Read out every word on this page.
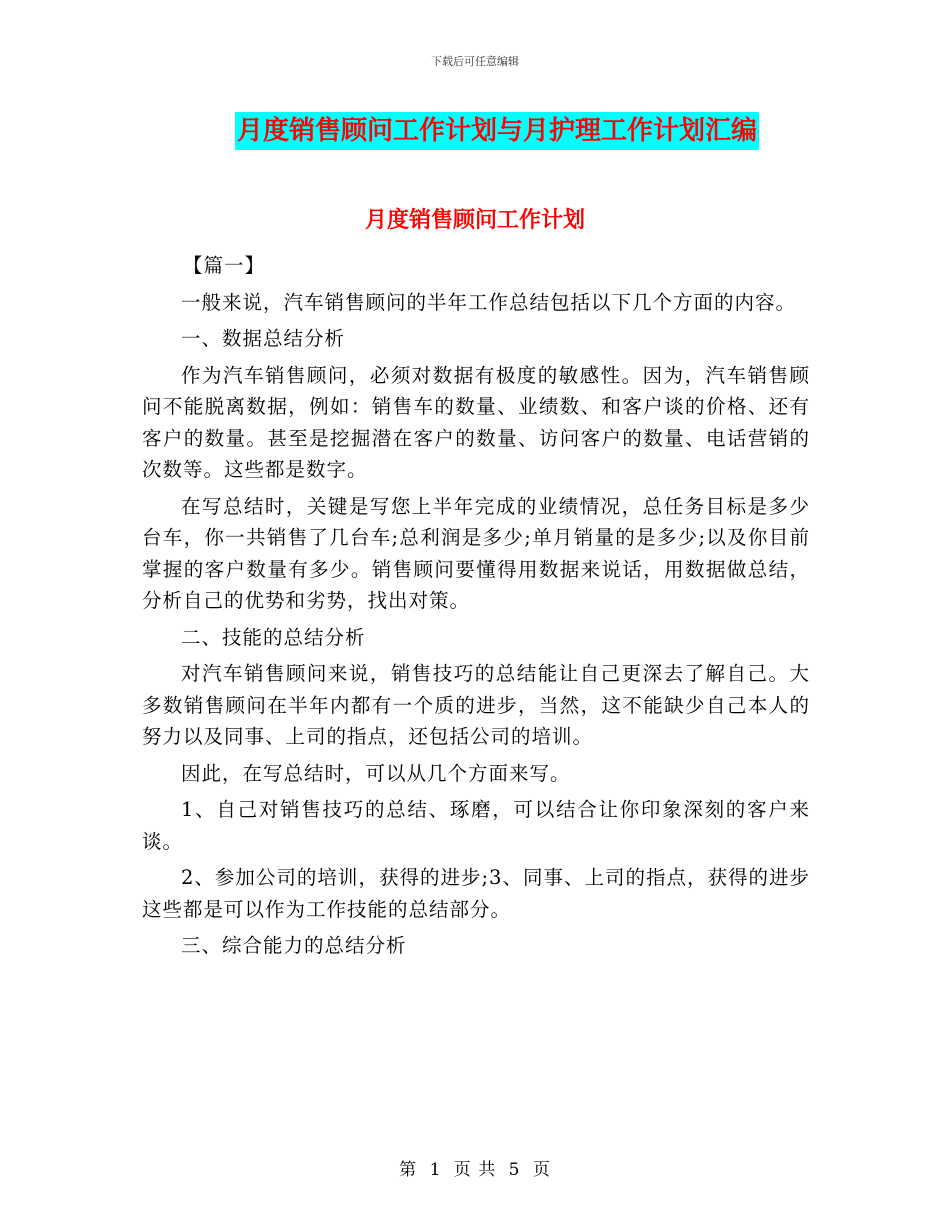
下载后可任意编辑
月度销售顾问工作计划与月护理工作计划汇编
月度销售顾问工作计划

【篇一】

一般来说，汽车销售顾问的半年工作总结包括以下几个方面的内容。

一、数据总结分析

作为汽车销售顾问，必须对数据有极度的敏感性。因为，汽车销售顾问不能脱离数据，例如：销售车的数量、业绩数、和客户谈的价格、还有客户的数量。甚至是挖掘潜在客户的数量、访问客户的数量、电话营销的次数等。这些都是数字。

在写总结时，关键是写您上半年完成的业绩情况，总任务目标是多少台车，你一共销售了几台车;总利润是多少;单月销量的是多少;以及你目前掌握的客户数量有多少。销售顾问要懂得用数据来说话，用数据做总结，分析自己的优势和劣势，找出对策。

二、技能的总结分析

对汽车销售顾问来说，销售技巧的总结能让自己更深去了解自己。大多数销售顾问在半年内都有一个质的进步，当然，这不能缺少自己本人的努力以及同事、上司的指点，还包括公司的培训。

因此，在写总结时，可以从几个方面来写。

1、自己对销售技巧的总结、琢磨，可以结合让你印象深刻的客户来谈。

2、参加公司的培训，获得的进步;3、同事、上司的指点，获得的进步这些都是可以作为工作技能的总结部分。

三、综合能力的总结分析

第 1 页 共 5 页
